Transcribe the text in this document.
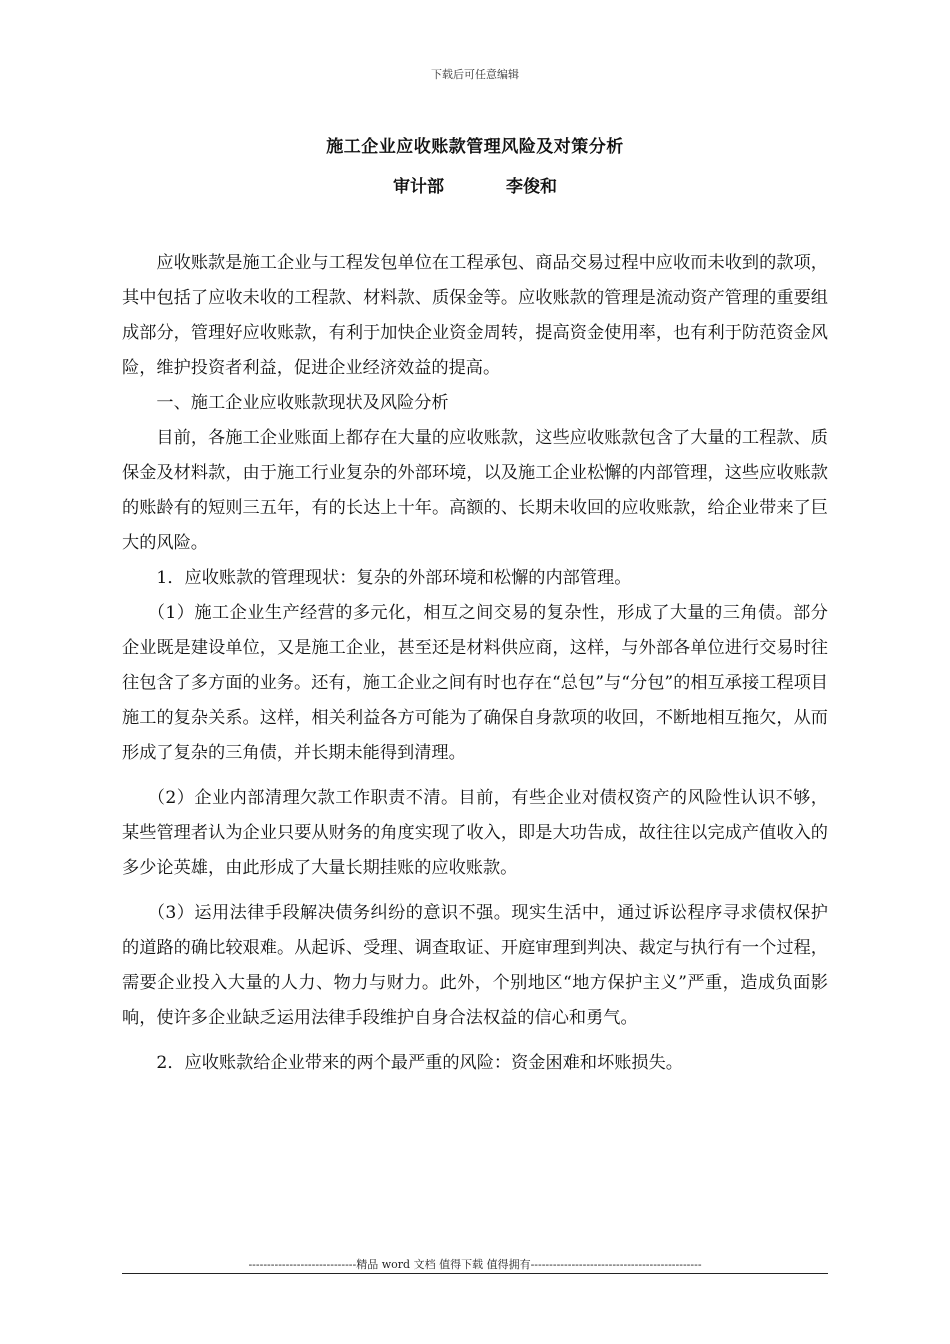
下载后可任意编辑
施工企业应收账款管理风险及对策分析
审计部	李俊和

应收账款是施工企业与工程发包单位在工程承包、商品交易过程中应收而未收到的款项，其中包括了应收未收的工程款、材料款、质保金等。应收账款的管理是流动资产管理的重要组成部分，管理好应收账款，有利于加快企业资金周转，提高资金使用率，也有利于防范资金风险，维护投资者利益，促进企业经济效益的提高。

一、施工企业应收账款现状及风险分析

目前，各施工企业账面上都存在大量的应收账款，这些应收账款包含了大量的工程款、质保金及材料款，由于施工行业复杂的外部环境，以及施工企业松懈的内部管理，这些应收账款的账龄有的短则三五年，有的长达上十年。高额的、长期未收回的应收账款，给企业带来了巨大的风险。

1．应收账款的管理现状：复杂的外部环境和松懈的内部管理。

（1）施工企业生产经营的多元化，相互之间交易的复杂性，形成了大量的三角债。部分企业既是建设单位，又是施工企业，甚至还是材料供应商，这样，与外部各单位进行交易时往往包含了多方面的业务。还有，施工企业之间有时也存在“总包”与“分包”的相互承接工程项目施工的复杂关系。这样，相关利益各方可能为了确保自身款项的收回，不断地相互拖欠，从而形成了复杂的三角债，并长期未能得到清理。

（2）企业内部清理欠款工作职责不清。目前，有些企业对债权资产的风险性认识不够，某些管理者认为企业只要从财务的角度实现了收入，即是大功告成，故往往以完成产值收入的多少论英雄，由此形成了大量长期挂账的应收账款。

（3）运用法律手段解决债务纠纷的意识不强。现实生活中，通过诉讼程序寻求债权保护的道路的确比较艰难。从起诉、受理、调查取证、开庭审理到判决、裁定与执行有一个过程，需要企业投入大量的人力、物力与财力。此外，个别地区“地方保护主义”严重，造成负面影响，使许多企业缺乏运用法律手段维护自身合法权益的信心和勇气。

2．应收账款给企业带来的两个最严重的风险：资金困难和坏账损失。

-----------------------------精品 word 文档 值得下载 值得拥有----------------------------------------------
